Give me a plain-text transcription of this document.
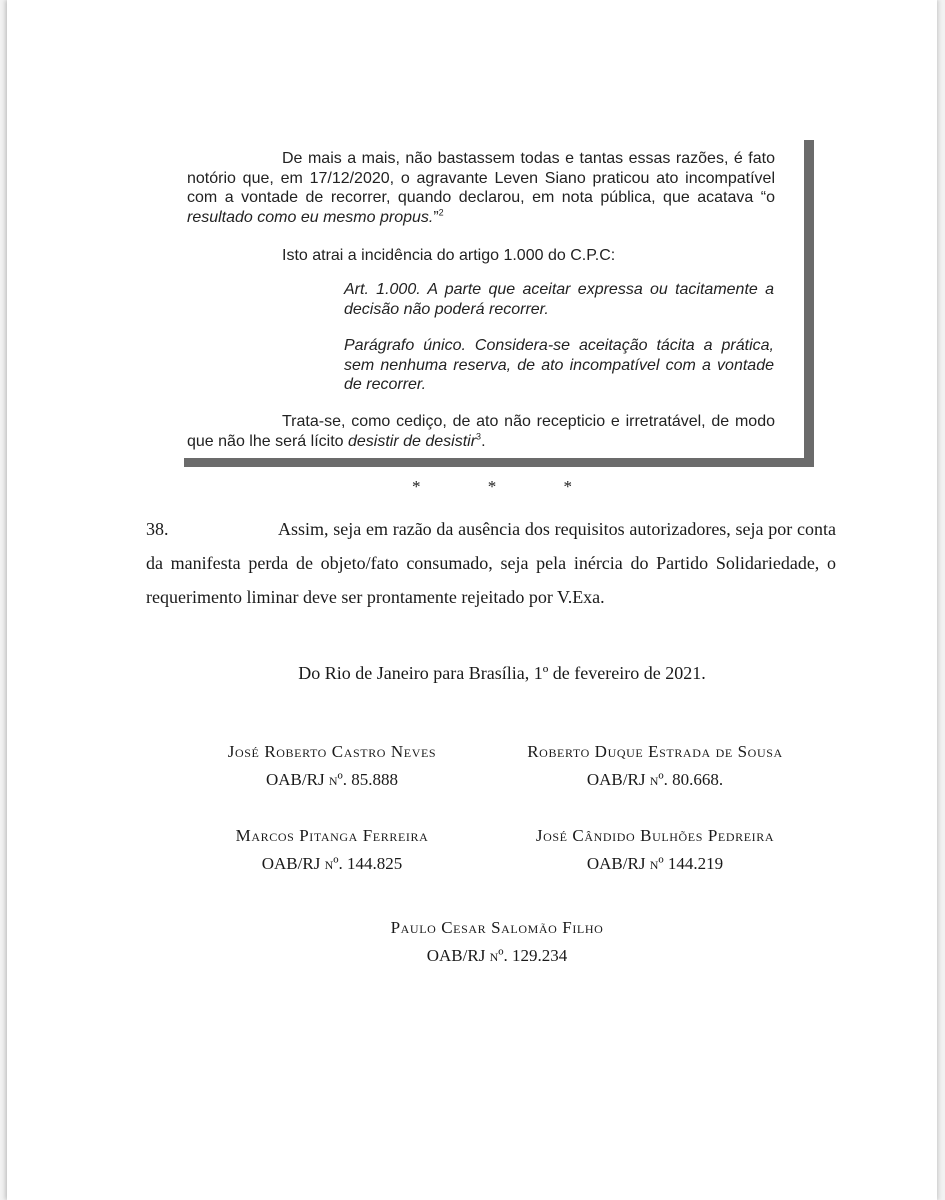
De mais a mais, não bastassem todas e tantas essas razões, é fato notório que, em 17/12/2020, o agravante Leven Siano praticou ato incompatível com a vontade de recorrer, quando declarou, em nota pública, que acatava “o resultado como eu mesmo propus.”$^2$

Isto atrai a incidência do artigo 1.000 do C.P.C:

Art. 1.000. A parte que aceitar expressa ou tacitamente a decisão não poderá recorrer.

Parágrafo único. Considera-se aceitação tácita a prática, sem nenhuma reserva, de ato incompatível com a vontade de recorrer.

Trata-se, como cediço, de ato não recepticio e irretratável, de modo que não lhe será lícito desistir de desistir$^3$.

*	*	*

38.	Assim, seja em razão da ausência dos requisitos autorizadores, seja por conta da manifesta perda de objeto/fato consumado, seja pela inércia do Partido Solidariedade, o requerimento liminar deve ser prontamente rejeitado por V.Exa.

Do Rio de Janeiro para Brasília, 1º de fevereiro de 2021.

José Roberto Castro Neves
OAB/RJ nº. 85.888
Roberto Duque Estrada de Sousa
OAB/RJ nº. 80.668.
Marcos Pitanga Ferreira
OAB/RJ nº. 144.825
José Cândido Bulhões Pedreira
OAB/RJ nº 144.219
Paulo Cesar Salomão Filho
OAB/RJ nº. 129.234
